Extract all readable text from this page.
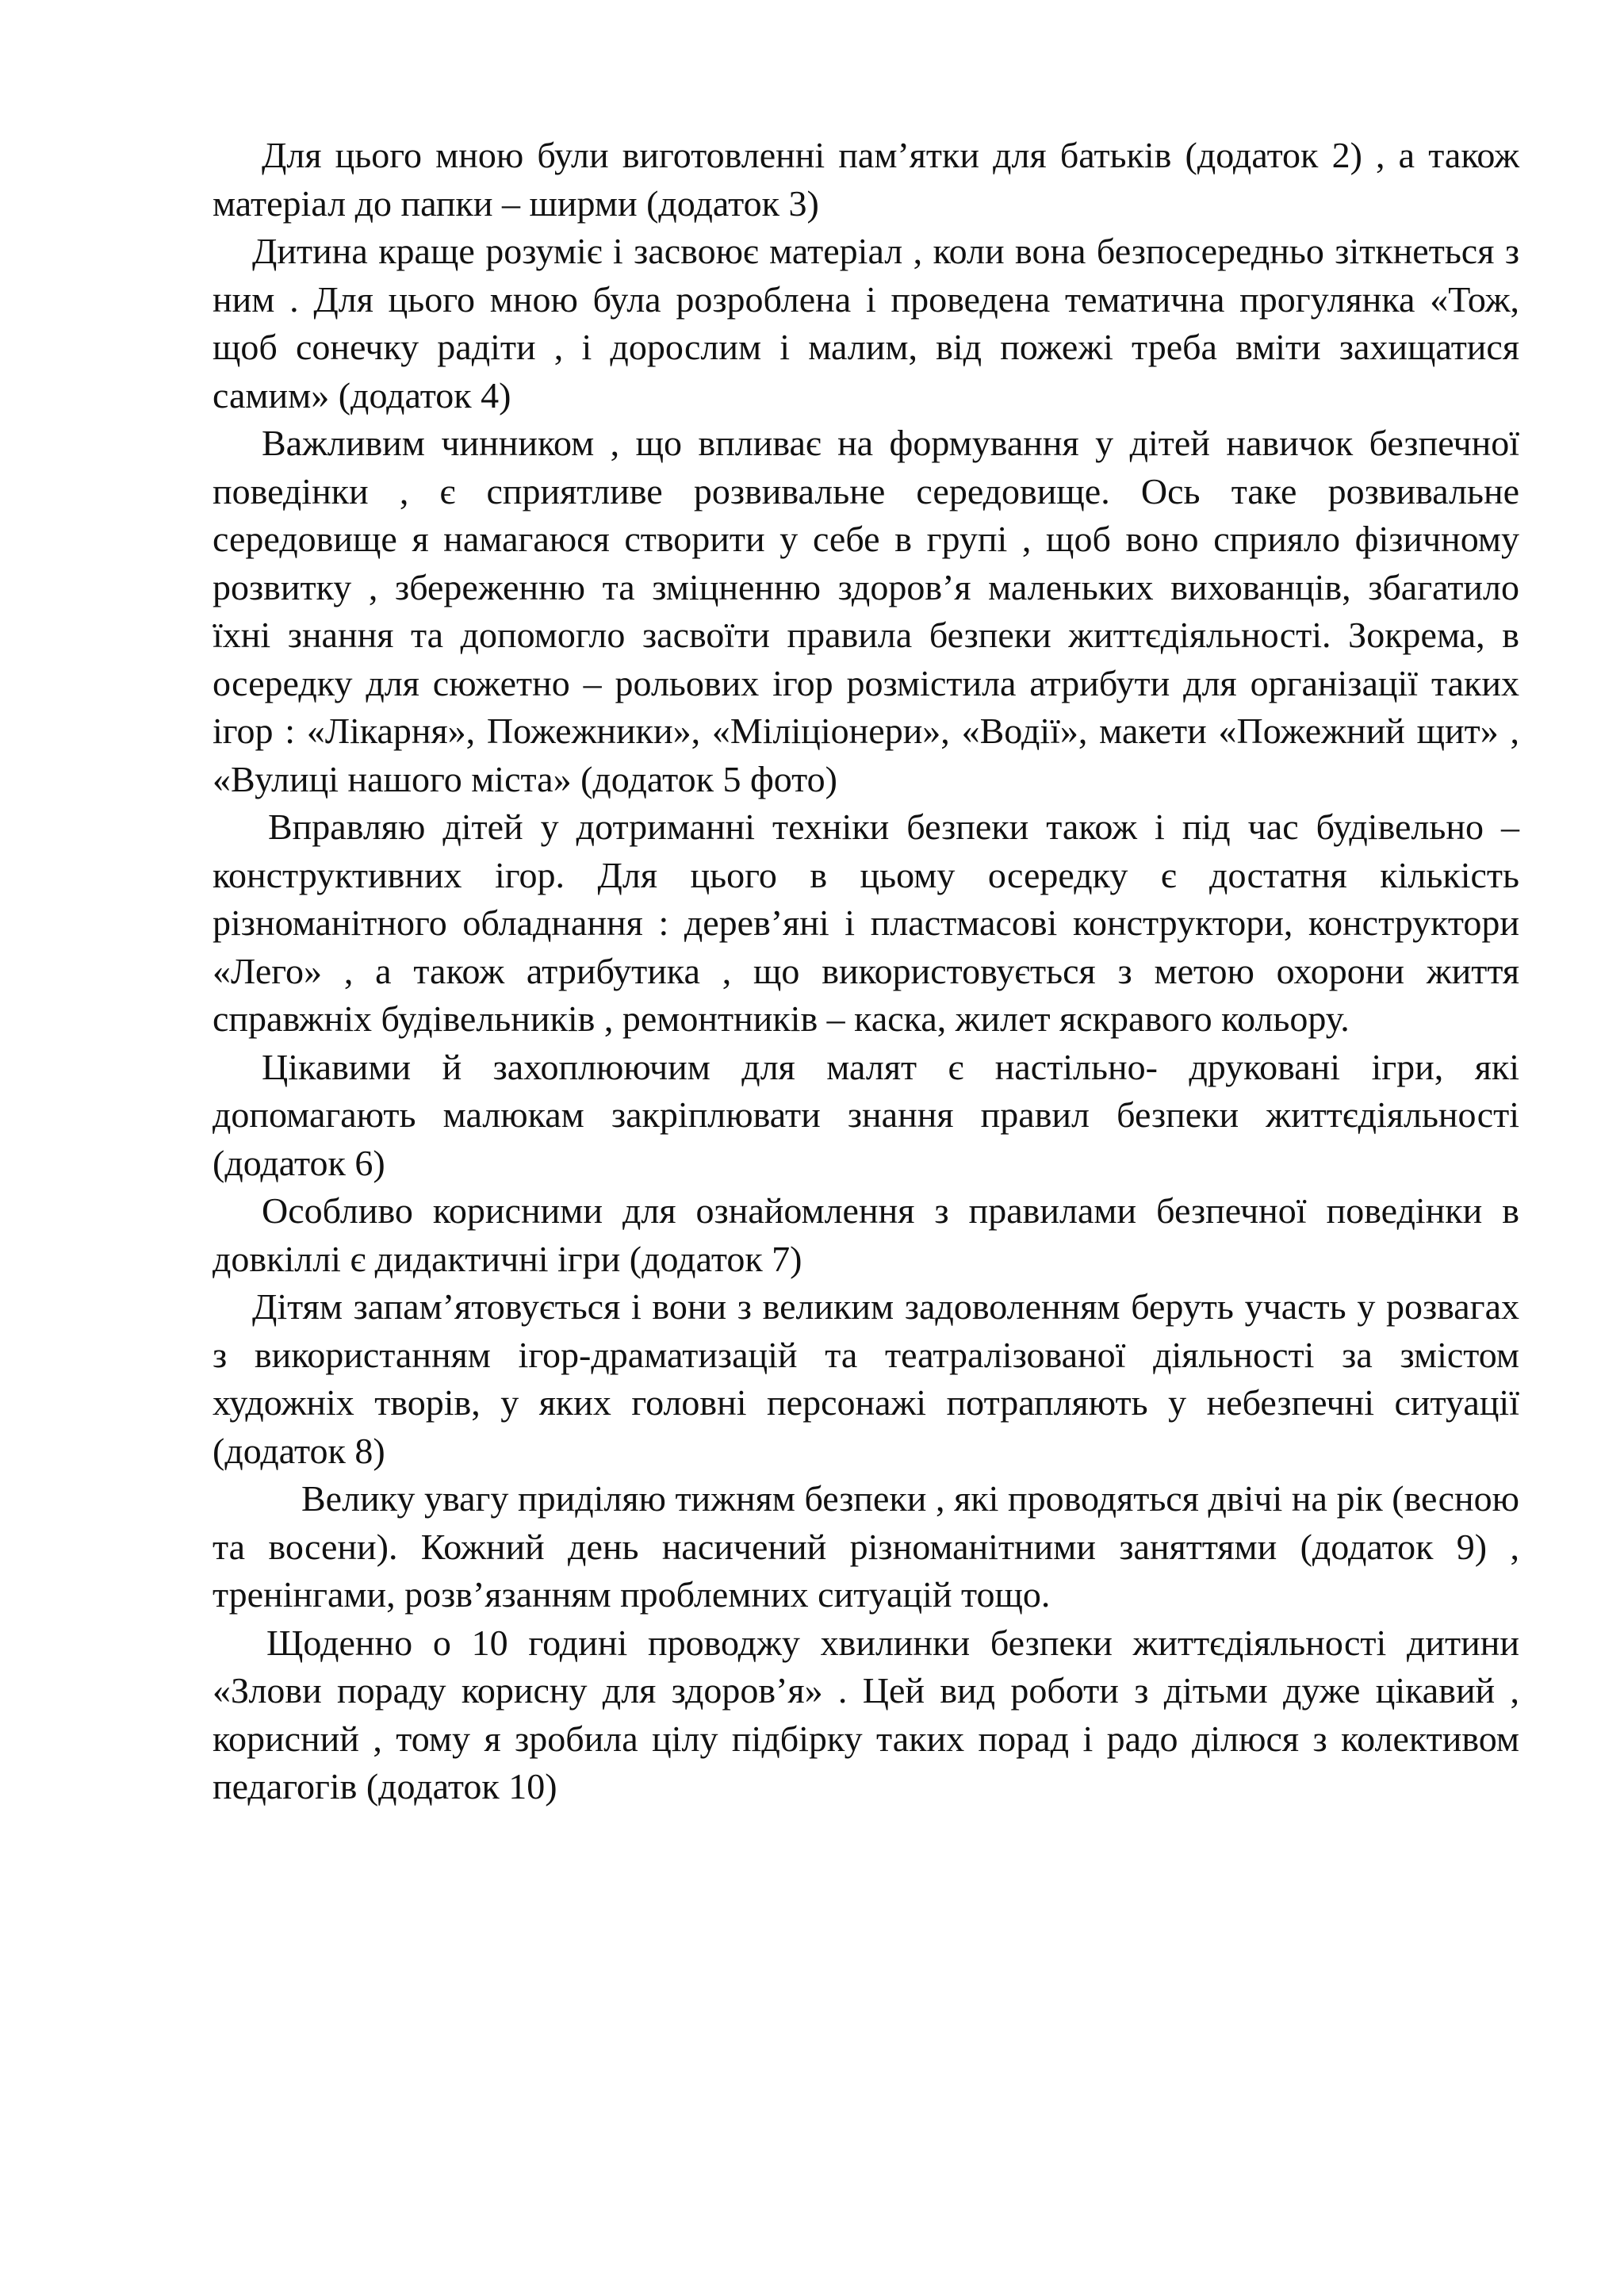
Для цього мною були виготовленні пам’ятки для батьків (додаток 2) , а також матеріал до папки – ширми (додаток 3)

Дитина краще розуміє і засвоює матеріал , коли вона безпосередньо зіткнеться з ним . Для цього мною була розроблена і проведена тематична прогулянка «Тож, щоб сонечку радіти , і дорослим і малим, від пожежі треба вміти захищатися самим» (додаток 4)

Важливим чинником , що впливає на формування у дітей навичок безпечної поведінки , є сприятливе розвивальне середовище. Ось таке розвивальне середовище я намагаюся створити у себе в групі , щоб воно сприяло фізичному розвитку , збереженню та зміцненню здоров’я маленьких вихованців, збагатило їхні знання та допомогло засвоїти правила безпеки життєдіяльності. Зокрема, в осередку для сюжетно – рольових ігор розмістила атрибути для організації таких ігор : «Лікарня», Пожежники», «Міліціонери», «Водії», макети «Пожежний щит» , «Вулиці нашого міста» (додаток 5 фото)

Вправляю дітей у дотриманні техніки безпеки також і під час будівельно – конструктивних ігор. Для цього в цьому осередку є достатня кількість різноманітного обладнання : дерев’яні і пластмасові конструктори, конструктори «Лего» , а також атрибутика , що використовується з метою охорони життя справжніх будівельників , ремонтників – каска, жилет яскравого кольору.

Цікавими й захоплюючим для малят є настільно- друковані ігри, які допомагають малюкам закріплювати знання правил безпеки життєдіяльності (додаток 6)

Особливо корисними для ознайомлення з правилами безпечної поведінки в довкіллі є дидактичні ігри (додаток 7)

Дітям запам’ятовується і вони з великим задоволенням беруть участь у розвагах з використанням ігор-драматизацій та театралізованої діяльності за змістом художніх творів, у яких головні персонажі потрапляють у небезпечні ситуації (додаток 8)

Велику увагу приділяю тижням безпеки , які проводяться двічі на рік (весною та восени). Кожний день насичений різноманітними заняттями (додаток 9) , тренінгами, розв’язанням проблемних ситуацій тощо.

Щоденно о 10 годині проводжу хвилинки безпеки життєдіяльності дитини «Злови пораду корисну для здоров’я» . Цей вид роботи з дітьми дуже цікавий , корисний , тому я зробила цілу підбірку таких порад і радо ділюся з колективом педагогів (додаток 10)
